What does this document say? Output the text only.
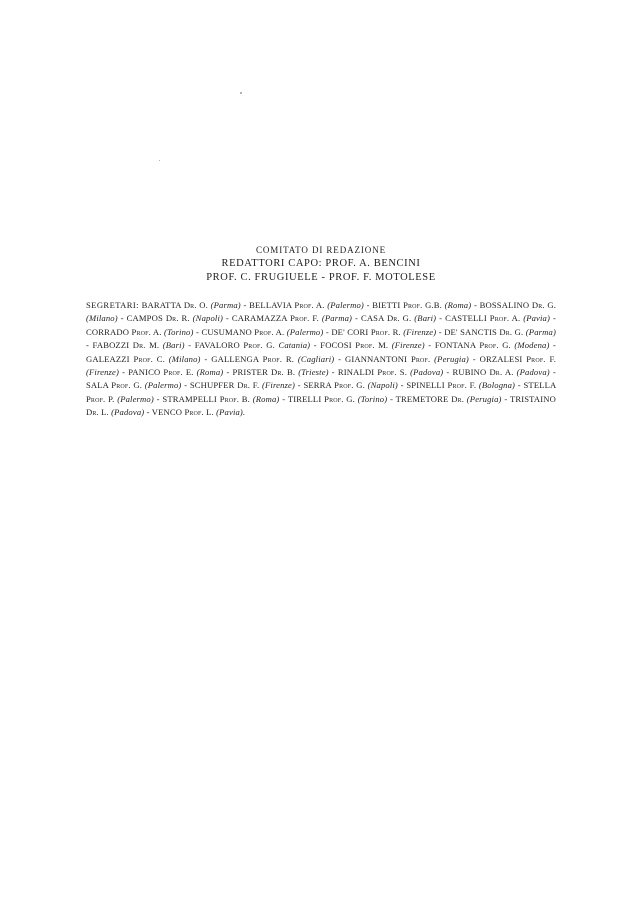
COMITATO DI REDAZIONE

REDATTORI CAPO: PROF. A. BENCINI

PROF. C. FRUGIUELE - PROF. F. MOTOLESE

SEGRETARI: BARATTA Dr. O. (Parma) - BELLAVIA Prof. A. (Palermo) - BIETTI Prof. G.B. (Roma) - BOSSALINO Dr. G. (Milano) - CAMPOS Dr. R. (Napoli) - CARAMAZZA Prof. F. (Parma) - CASA Dr. G. (Bari) - CASTELLI Prof. A. (Pavia) - CORRADO Prof. A. (Torino) - CUSUMANO Prof. A. (Palermo) - DE' CORI Prof. R. (Firenze) - DE' SANCTIS Dr. G. (Parma) - FABOZZI Dr. M. (Bari) - FAVALORO Prof. G. Catania) - FOCOSI Prof. M. (Firenze) - FONTANA Prof. G. (Modena) - GALEAZZI Prof. C. (Milano) - GALLENGA Prof. R. (Cagliari) - GIANNANTONI Prof. (Perugia) - ORZALESI Prof. F. (Firenze) - PANICO Prof. E. (Roma) - PRISTER Dr. B. (Trieste) - RINALDI Prof. S. (Padova) - RUBINO Dr. A. (Padova) - SALA Prof. G. (Palermo) - SCHUPFER Dr. F. (Firenze) - SERRA Prof. G. (Napoli) - SPINELLI Prof. F. (Bologna) - STELLA Prof. P. (Palermo) - STRAMPELLI Prof. B. (Roma) - TIRELLI Prof. G. (Torino) - TREMETORE Dr. (Perugia) - TRISTAINO Dr. L. (Padova) - VENCO Prof. L. (Pavia).
